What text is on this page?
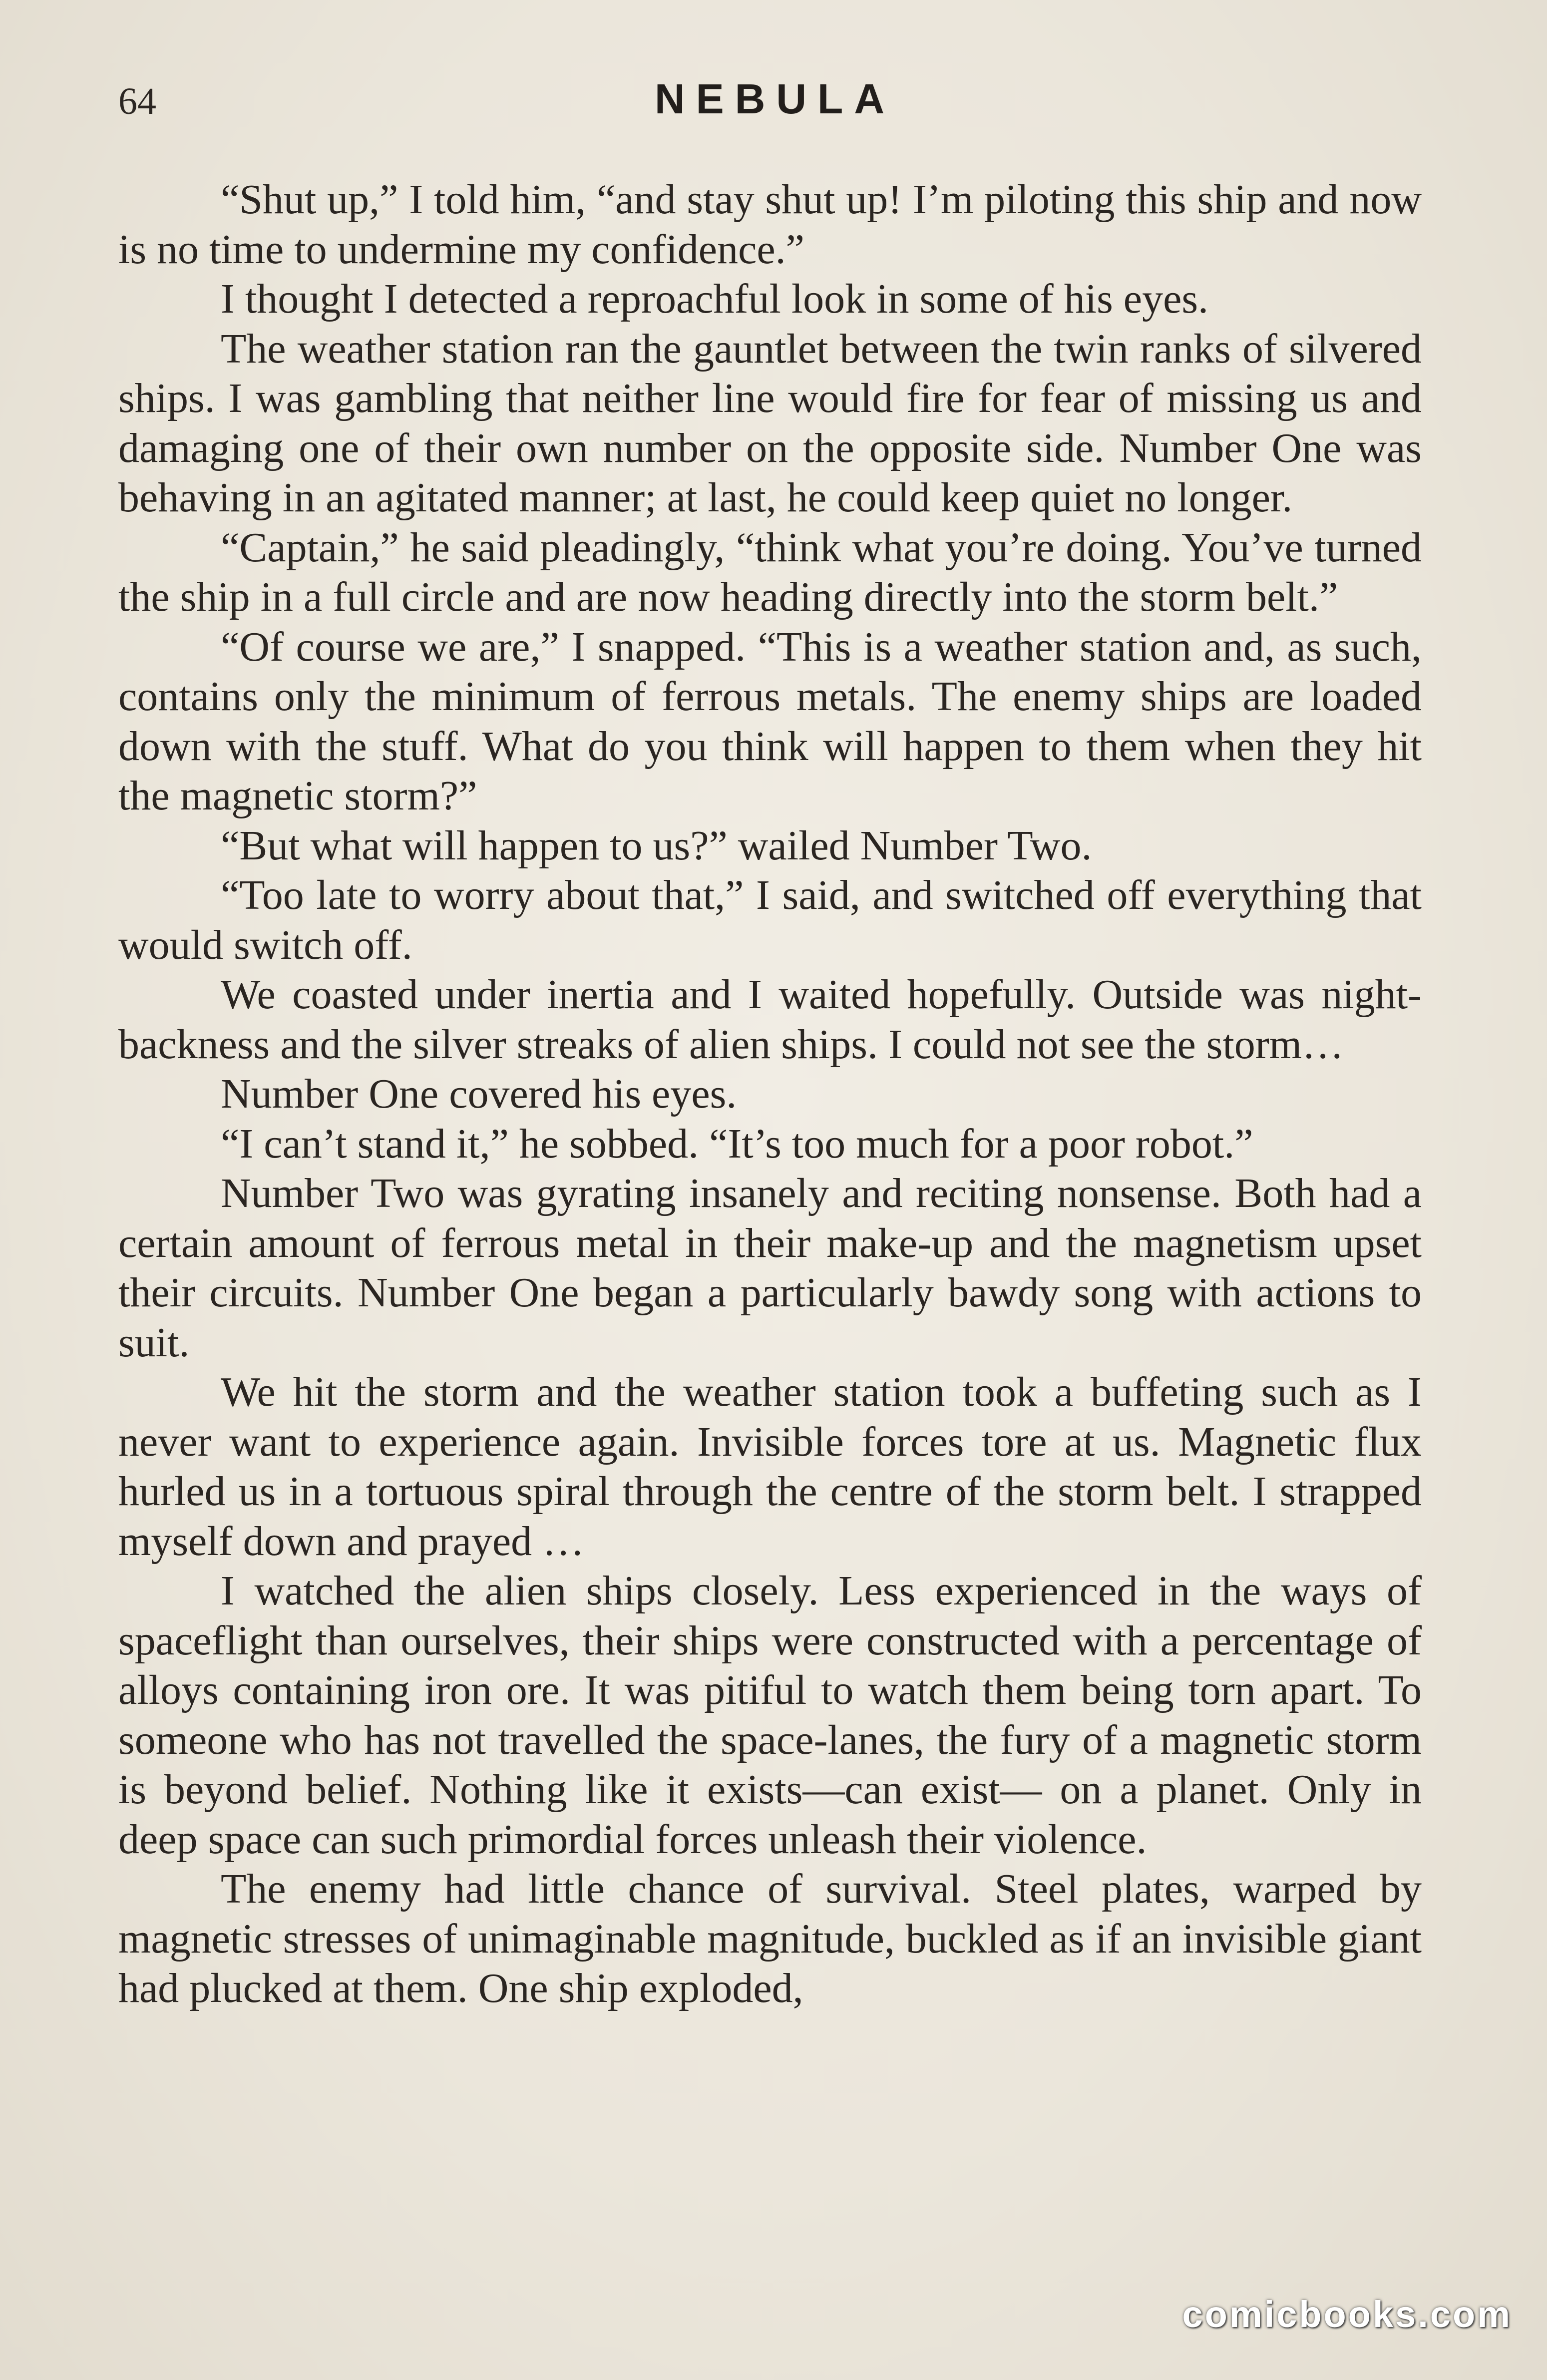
64	NEBULA

“Shut up,” I told him, “and stay shut up! I’m piloting this ship and now is no time to undermine my confidence.”

I thought I detected a reproachful look in some of his eyes.

The weather station ran the gauntlet between the twin ranks of silvered ships. I was gambling that neither line would fire for fear of missing us and damaging one of their own number on the opposite side. Number One was behaving in an agitated manner; at last, he could keep quiet no longer.

“Captain,” he said pleadingly, “think what you’re doing. You’ve turned the ship in a full circle and are now heading directly into the storm belt.”

“Of course we are,” I snapped. “This is a weather station and, as such, contains only the minimum of ferrous metals. The enemy ships are loaded down with the stuff. What do you think will happen to them when they hit the magnetic storm?”

“But what will happen to us?” wailed Number Two.

“Too late to worry about that,” I said, and switched off everything that would switch off.

We coasted under inertia and I waited hopefully. Outside was night-backness and the silver streaks of alien ships. I could not see the storm…

Number One covered his eyes.

“I can’t stand it,” he sobbed. “It’s too much for a poor robot.”

Number Two was gyrating insanely and reciting nonsense. Both had a certain amount of ferrous metal in their make-up and the magnetism upset their circuits. Number One began a particularly bawdy song with actions to suit.

We hit the storm and the weather station took a buffeting such as I never want to experience again. Invisible forces tore at us. Magnetic flux hurled us in a tortuous spiral through the centre of the storm belt. I strapped myself down and prayed …

I watched the alien ships closely. Less experienced in the ways of spaceflight than ourselves, their ships were constructed with a percentage of alloys containing iron ore. It was pitiful to watch them being torn apart. To someone who has not travelled the space-lanes, the fury of a magnetic storm is beyond belief. Nothing like it exists—can exist— on a planet. Only in deep space can such primordial forces unleash their violence.

The enemy had little chance of survival. Steel plates, warped by magnetic stresses of unimaginable magnitude, buckled as if an invisible giant had plucked at them. One ship exploded,

comicbooks.com
